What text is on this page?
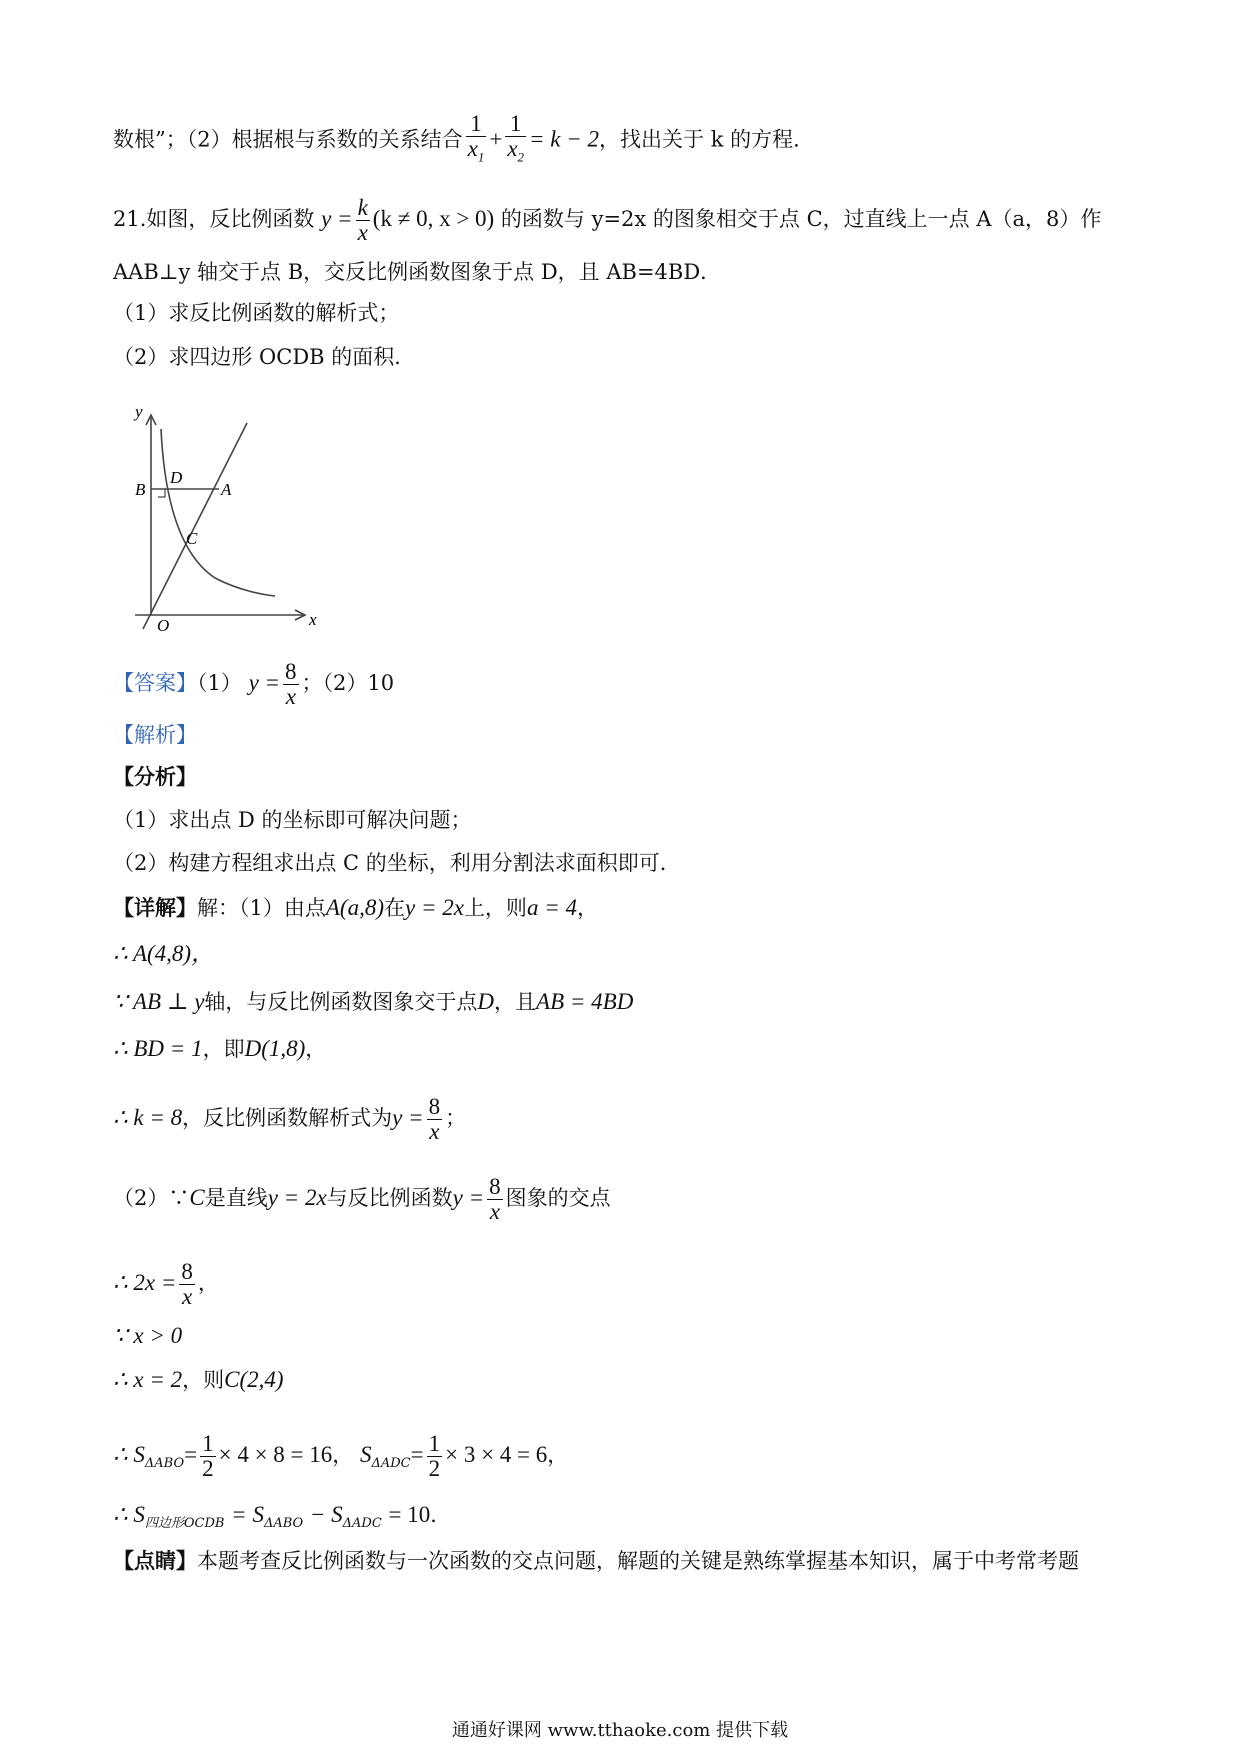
数根”；（2）根据根与系数的关系结合 $\frac{1}{x_1} + \frac{1}{x_2} = k - 2$，找出关于 k 的方程．
21.如图，反比例函数 $y = \frac{k}{x} (k \ne 0$, x > 0) 的函数与 y=2x 的图象相交于点 C，过直线上一点 A（a，8）作
AAB⊥y 轴交于点 B，交反比例函数图象于点 D，且 AB=4BD．
（1）求反比例函数的解析式；
（2）求四边形 OCDB 的面积．
y
x
O
B
D
A
C
【答案】（1） $y = \frac{8}{x}$ ；（2）10
【解析】
【分析】
（1）求出点 D 的坐标即可解决问题；
（2）构建方程组求出点 C 的坐标，利用分割法求面积即可．
【详解】解：（1）由点A(a,8)在y = 2x上，则a = 4，
∴ A(4,8)，
∵ AB ⊥ y轴，与反比例函数图象交于点D，且AB = 4BD
∴ BD = 1，即D(1,8)，
∴ k = 8，反比例函数解析式为$y = \frac{8}{x}$ ；
（2）∵C是直线y = 2x与反比例函数$y = \frac{8}{x}$ 图象的交点
∴ $2x = \frac{8}{x}$ ，
∵ x > 0
∴ x = 2，则C(2,4)
∴ $S_{\Delta ABO}= \frac{1}{2} \times 4 \times 8 = 16$， $S_{\Delta ADC}= \frac{1}{2} \times 3 \times 4 = 6$，
∴ $S_{四边形OCDB} = S_{\Delta ABO} - S_{\Delta ADC} = 10$．
【点睛】本题考查反比例函数与一次函数的交点问题，解题的关键是熟练掌握基本知识，属于中考常考题
通通好课网 www.tthaoke.com 提供下载
